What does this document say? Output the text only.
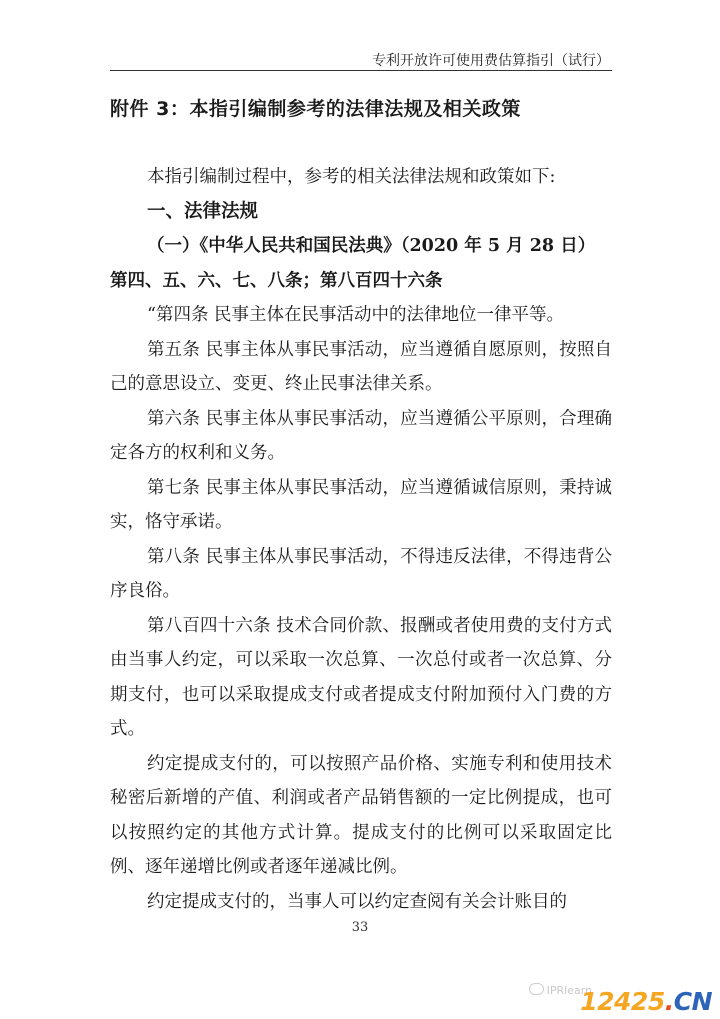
专利开放许可使用费估算指引（试行）
附件 3：本指引编制参考的法律法规及相关政策

本指引编制过程中，参考的相关法律法规和政策如下:

一、法律法规

（一）《中华人民共和国民法典》（2020 年 5 月 28 日）
第四、五、六、七、八条；第八百四十六条

“第四条 民事主体在民事活动中的法律地位一律平等。

第五条 民事主体从事民事活动，应当遵循自愿原则，按照自己的意思设立、变更、终止民事法律关系。

第六条 民事主体从事民事活动，应当遵循公平原则，合理确定各方的权利和义务。

第七条 民事主体从事民事活动，应当遵循诚信原则，秉持诚实，恪守承诺。

第八条 民事主体从事民事活动，不得违反法律，不得违背公序良俗。

第八百四十六条 技术合同价款、报酬或者使用费的支付方式由当事人约定，可以采取一次总算、一次总付或者一次总算、分期支付，也可以采取提成支付或者提成支付附加预付入门费的方式。

约定提成支付的，可以按照产品价格、实施专利和使用技术秘密后新增的产值、利润或者产品销售额的一定比例提成，也可以按照约定的其他方式计算。提成支付的比例可以采取固定比例、逐年递增比例或者逐年递减比例。

约定提成支付的，当事人可以约定查阅有关会计账目的

33
IPRlearn
12425.CN
